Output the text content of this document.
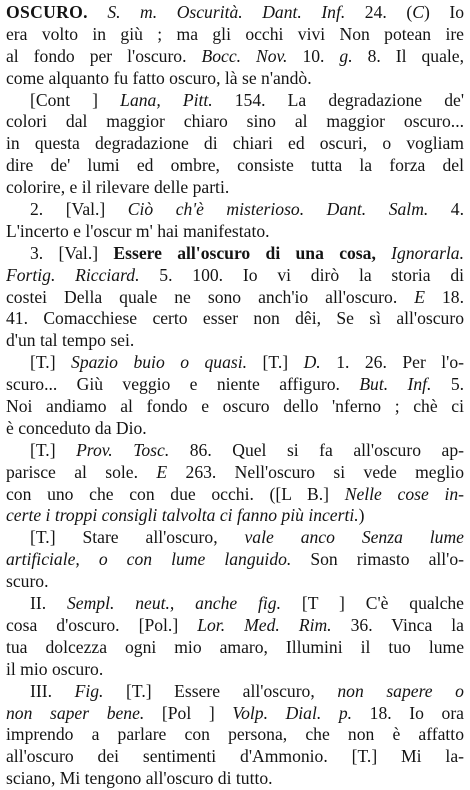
OSCURO. S. m. Oscurità. Dant. Inf. 24. (C) Io
era volto in giù ; ma gli occhi vivi Non potean ire
al fondo per l'oscuro. Bocc. Nov. 10. g. 8. Il quale,
come alquanto fu fatto oscuro, là se n'andò.
[Cont ] Lana, Pitt. 154. La degradazione de'
colori dal maggior chiaro sino al maggior oscuro...
in questa degradazione di chiari ed oscuri, o vogliam
dire de' lumi ed ombre, consiste tutta la forza del
colorire, e il rilevare delle parti.
2. [Val.] Ciò ch'è misterioso. Dant. Salm. 4.
L'incerto e l'oscur m' hai manifestato.
3. [Val.] Essere all'oscuro di una cosa, Ignorarla.
Fortig. Ricciard. 5. 100. Io vi dirò la storia di
costei Della quale ne sono anch'io all'oscuro. E 18.
41. Comacchiese certo esser non dêi, Se sì all'oscuro
d'un tal tempo sei.
[T.] Spazio buio o quasi. [T.] D. 1. 26. Per l'o-
scuro... Giù veggio e niente affiguro. But. Inf. 5.
Noi andiamo al fondo e oscuro dello 'nferno ; chè ci
è conceduto da Dio.
[T.] Prov. Tosc. 86. Quel si fa all'oscuro ap-
parisce al sole. E 263. Nell'oscuro si vede meglio
con uno che con due occhi. ([L B.] Nelle cose in-
certe i troppi consigli talvolta ci fanno più incerti.)
[T.] Stare all'oscuro, vale anco Senza lume
artificiale, o con lume languido. Son rimasto all'o-
scuro.
II. Sempl. neut., anche fig. [T ] C'è qualche
cosa d'oscuro. [Pol.] Lor. Med. Rim. 36. Vinca la
tua dolcezza ogni mio amaro, Illumini il tuo lume
il mio oscuro.
III. Fig. [T.] Essere all'oscuro, non sapere o
non saper bene. [Pol ] Volp. Dial. p. 18. Io ora
imprendo a parlare con persona, che non è affatto
all'oscuro dei sentimenti d'Ammonio. [T.] Mi la-
sciano, Mi tengono all'oscuro di tutto.
